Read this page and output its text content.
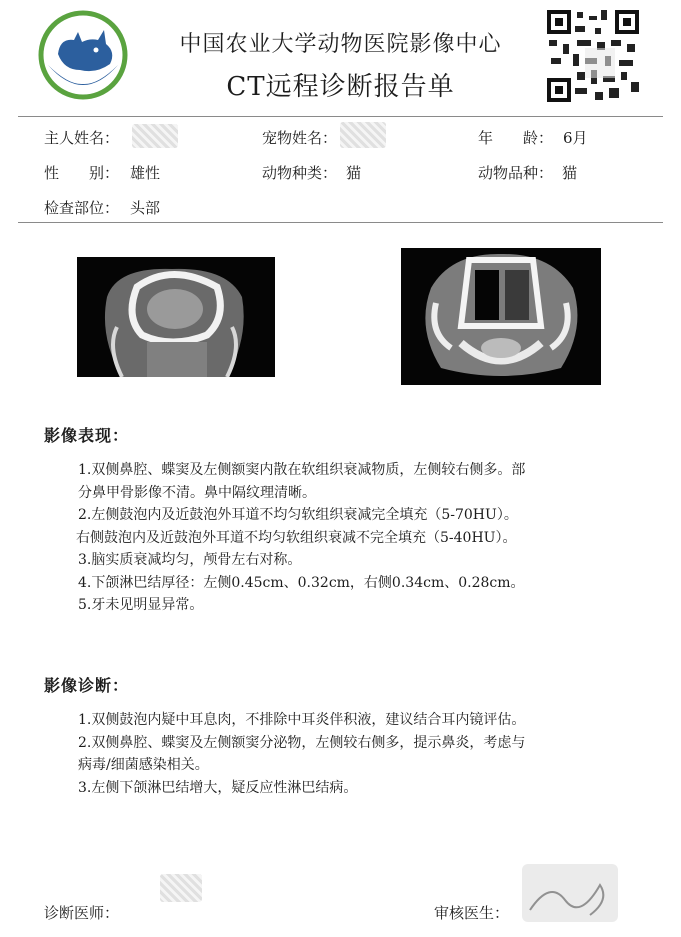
中国农业大学动物医院影像中心
CT远程诊断报告单
主人姓名：	宠物姓名：	年　　龄： 6月
性　　别： 雄性	动物种类： 猫	动物品种： 猫
检查部位： 头部
影像表现：
1.双侧鼻腔、蝶窦及左侧额窦内散在软组织衰减物质，左侧较右侧多。部
分鼻甲骨影像不清。鼻中隔纹理清晰。
2.左侧鼓泡内及近鼓泡外耳道不均匀软组织衰减完全填充（5-70HU）。
右侧鼓泡内及近鼓泡外耳道不均匀软组织衰减不完全填充（5-40HU）。
3.脑实质衰减均匀，颅骨左右对称。
4.下颌淋巴结厚径：左侧0.45cm、0.32cm，右侧0.34cm、0.28cm。
5.牙未见明显异常。
影像诊断：
1.双侧鼓泡内疑中耳息肉，不排除中耳炎伴积液，建议结合耳内镜评估。
2.双侧鼻腔、蝶窦及左侧额窦分泌物，左侧较右侧多，提示鼻炎，考虑与
病毒/细菌感染相关。
3.左侧下颌淋巴结增大，疑反应性淋巴结病。
诊断医师：	审核医生：
